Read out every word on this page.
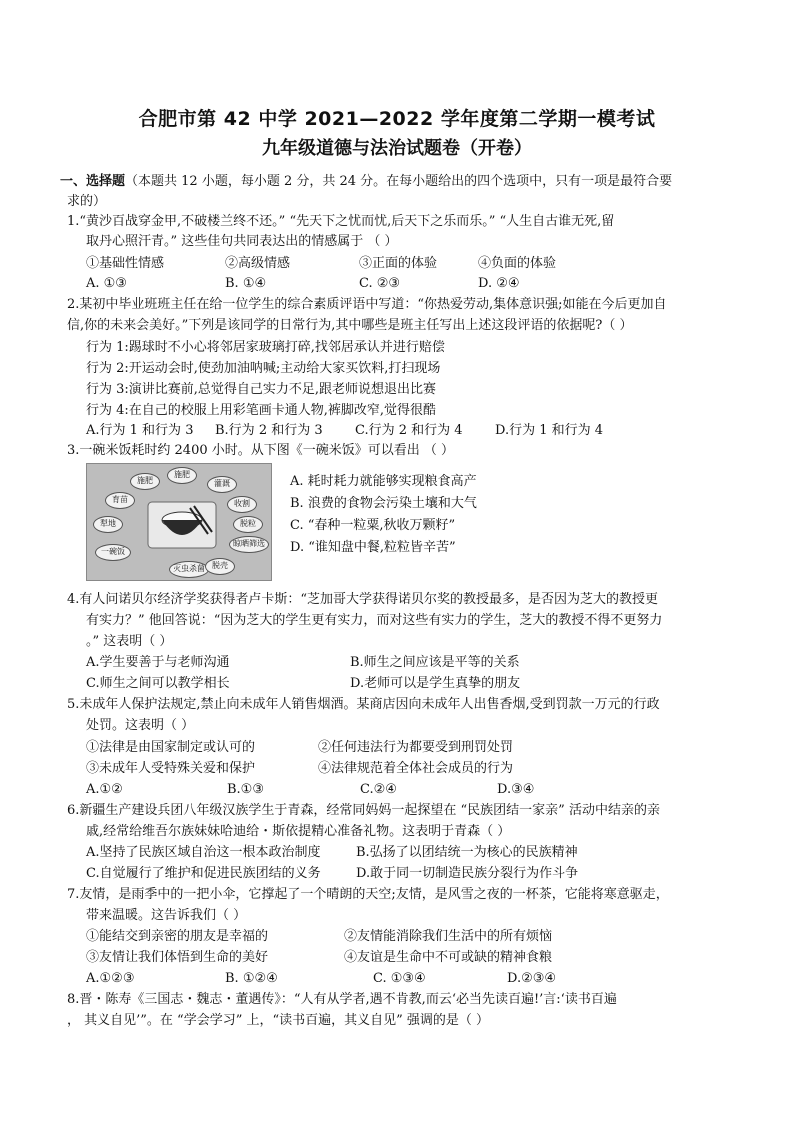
合肥市第 42 中学 2021—2022 学年度第二学期一模考试
九年级道德与法治试题卷（开卷）
一、选择题（本题共 12 小题，每小题 2 分，共 24 分。在每小题给出的四个选项中，只有一项是最符合要
求的）
1.“黄沙百战穿金甲,不破楼兰终不还。” “先天下之忧而忧,后天下之乐而乐。” “人生自古谁无死,留
取丹心照汗青。” 这些佳句共同表达出的情感属于 （ ）
①基础性情感	②高级情感	③正面的体验	④负面的体验
A. ①③	B. ①④	C. ②③	D. ②④
2.某初中毕业班班主任在给一位学生的综合素质评语中写道：“你热爱劳动,集体意识强;如能在今后更加自
信,你的未来会美好。”下列是该同学的日常行为,其中哪些是班主任写出上述这段评语的依据呢?（ ）
行为 1:踢球时不小心将邻居家玻璃打碎,找邻居承认并进行赔偿
行为 2:开运动会时,使劲加油呐喊;主动给大家买饮料,打扫现场
行为 3:演讲比赛前,总觉得自己实力不足,跟老师说想退出比赛
行为 4:在自己的校服上用彩笔画卡通人物,裤脚改窄,觉得很酷
A.行为 1 和行为 3 B.行为 2 和行为 3 C.行为 2 和行为 4 D.行为 1 和行为 4
3.一碗米饭耗时约 2400 小时。从下图《一碗米饭》可以看出 （ ）
施肥
施肥
灌溉
育苗	收割
犁地	脱粒
晾晒筛选
一碗饭
灭虫杀菌 脱壳
A. 耗时耗力就能够实现粮食高产
B. 浪费的食物会污染土壤和大气
C. “春种一粒粟,秋收万颗籽”
D. “谁知盘中餐,粒粒皆辛苦”
4.有人问诺贝尔经济学奖获得者卢卡斯：“芝加哥大学获得诺贝尔奖的教授最多，是否因为芝大的教授更
有实力？” 他回答说：“因为芝大的学生更有实力，而对这些有实力的学生，芝大的教授不得不更努力
。” 这表明（ ）
A.学生要善于与老师沟通	B.师生之间应该是平等的关系
C.师生之间可以教学相长	D.老师可以是学生真挚的朋友
5.未成年人保护法规定,禁止向未成年人销售烟酒。某商店因向未成年人出售香烟,受到罚款一万元的行政
处罚。这表明（ ）
①法律是由国家制定或认可的	②任何违法行为都要受到刑罚处罚
③未成年人受特殊关爱和保护	④法律规范着全体社会成员的行为
A.①②	B.①③	C.②④	D.③④
6.新疆生产建设兵团八年级汉族学生于青森，经常同妈妈一起探望在 “民族团结一家亲” 活动中结亲的亲
戚,经常给维吾尔族妹妹哈迪给・斯依提精心准备礼物。这表明于青森（ ）
A.坚持了民族区域自治这一根本政治制度	B.弘扬了以团结统一为核心的民族精神
C.自觉履行了维护和促进民族团结的义务	D.敢于同一切制造民族分裂行为作斗争
7.友情，是雨季中的一把小伞，它撑起了一个晴朗的天空;友情，是风雪之夜的一杯茶，它能将寒意驱走，
带来温暖。这告诉我们（ ）
①能结交到亲密的朋友是幸福的	②友情能消除我们生活中的所有烦恼
③友情让我们体悟到生命的美好	④友谊是生命中不可或缺的精神食粮
A.①②③	B. ①②④	C. ①③④	D.②③④
8.晋・陈寿《三国志・魏志・董遇传》：“人有从学者,遇不肯教,而云‘必当先读百遍!’言:‘读书百遍
， 其义自见’”。在 “学会学习” 上，“读书百遍，其义自见” 强调的是（ ）
